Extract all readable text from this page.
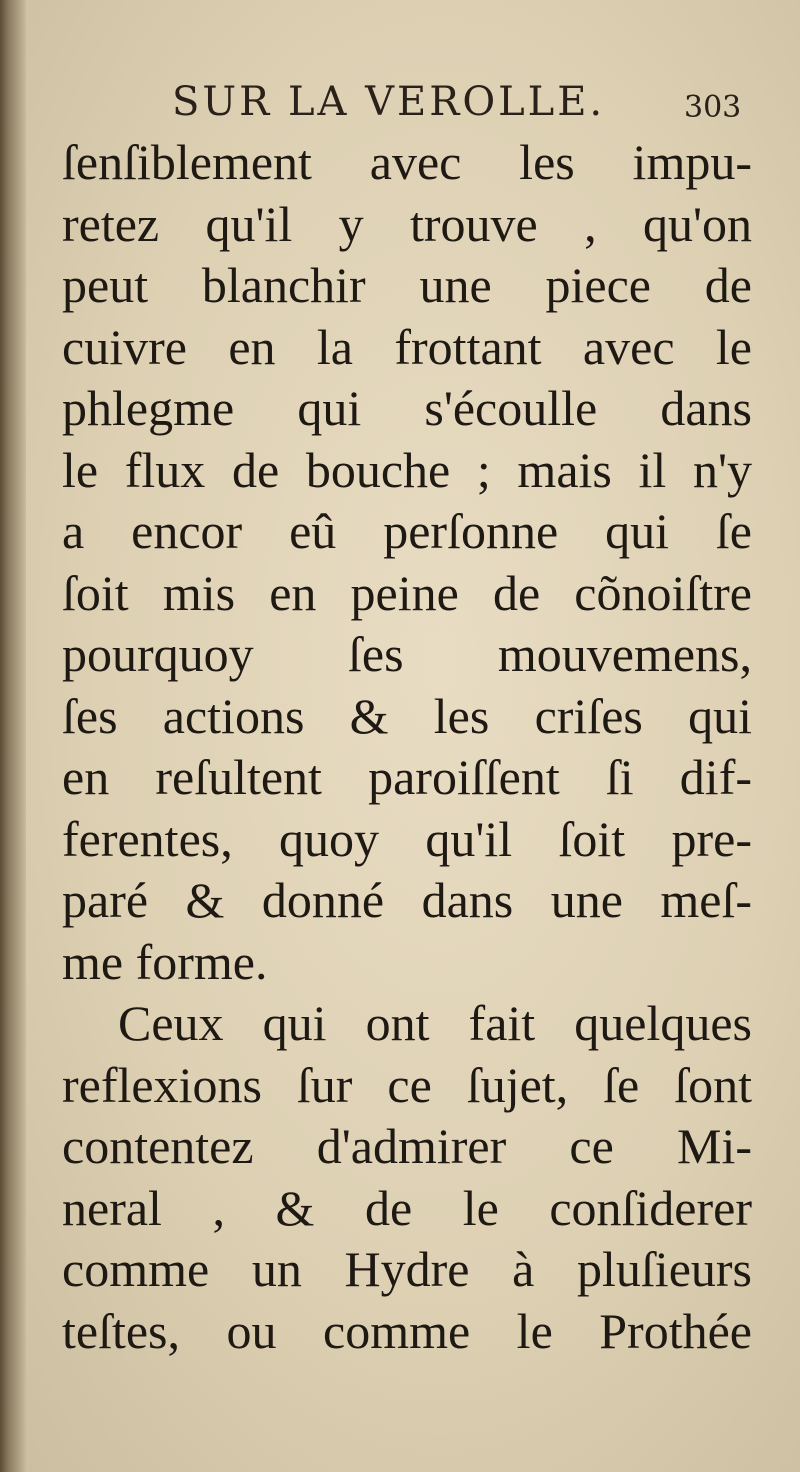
SUR LA VEROLLE.	303
ſenſiblement avec les impu-
retez qu'il y trouve , qu'on
peut blanchir une piece de
cuivre en la frottant avec le
phlegme qui s'écoulle dans
le flux de bouche ; mais il n'y
a encor eû perſonne qui ſe
ſoit mis en peine de cõnoiſtre
pourquoy ſes mouvemens,
ſes actions & les criſes qui
en reſultent paroiſſent ſi dif-
ferentes, quoy qu'il ſoit pre-
paré & donné dans une meſ-
me forme.
Ceux qui ont fait quelques
reflexions ſur ce ſujet, ſe ſont
contentez d'admirer ce Mi-
neral , & de le conſiderer
comme un Hydre à pluſieurs
teſtes, ou comme le Prothée
